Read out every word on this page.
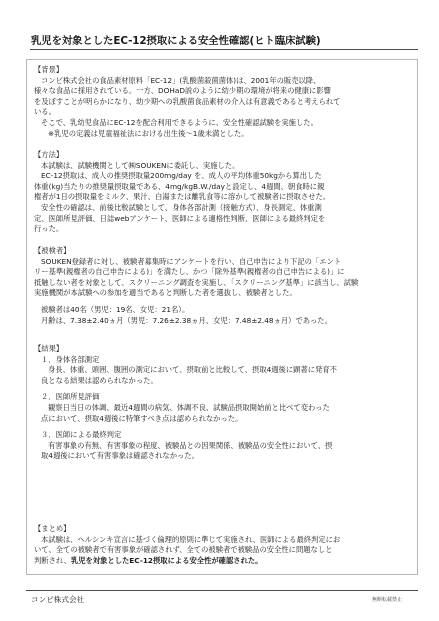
乳児を対象としたEC-12摂取による安全性確認(ヒト臨床試験)

【背景】

コンビ株式会社の食品素材原料「EC-12」(乳酸菌殺菌菌体)は、2001年の販売以降、

様々な食品に採用されている。一方、DOHaD説のように幼少期の環境が将来の健康に影響

を及ぼすことが明らかになり、幼少期への乳酸菌食品素材の介入は有意義であると考えられて

いる。

そこで、乳幼児食品にEC-12を配合利用できるように、安全性確認試験を実施した。

※乳児の定義は児童福祉法における出生後〜1歳未満とした。

【方法】

本試験は、試験機関として㈱SOUKENに委託し、実施した。

EC-12摂取は、成人の推奨摂取量200mg/day を、成人の平均体重50kgから算出した

体重(kg)当たりの推奨量摂取量である、4mg/kgB.W./dayと設定し、4週間、朝食時に親

権者が1日の摂取量をミルク、果汁、白湯または離乳食等に溶かして被験者に摂取させた。

安全性の確認は、前後比較試験として、身体各部計測（接触方式）、身長測定、体重測

定、医師所見評価、日誌webアンケート、医師による適格性判断、医師による最終判定を

行った。

【被検者】

SOUKEN登録者に対し、被験者募集時にアンケートを行い、自己申告により下記の「エント

リー基準(親権者の自己申告による)」を満たし、かつ「除外基準(親権者の自己申告による)」に

抵触しない者を対象として、スクリーニング調査を実施し、「スクリーニング基準」に該当し、試験

実施機関が本試験への参加を適当であると判断した者を選抜し、被験者とした。

被験者は40名（男児：19名、女児：21名）。

月齢は、7.38±2.40ヵ月（男児：7.26±2.38ヵ月、女児：7.48±2.48ヵ月）であった。

【結果】

１．身体各部測定

身長、体重、頭囲、腹囲の測定において、摂取前と比較して、摂取4週後に顕著に発育不

良となる結果は認められなかった。

２．医師所見評価

観察日当日の体調、最近4週間の病気、体調不良、試験品摂取開始前と比べて変わった

点において、摂取4週後に特筆すべき点は認められなかった。

３．医師による最終判定

有害事象の有無、有害事象の程度、被験品との因果関係、被験品の安全性において、摂

取4週後において有害事象は確認されなかった。

【まとめ】

本試験は、ヘルシンキ宣言に基づく倫理的原則に準じて実施され、医師による最終判定にお

いて、全ての被験者で有害事象が確認されず、全ての被験者で被験品の安全性に問題なしと

判断され、乳児を対象としたEC-12摂取による安全性が確認された。

コンビ株式会社	無断転載禁止
